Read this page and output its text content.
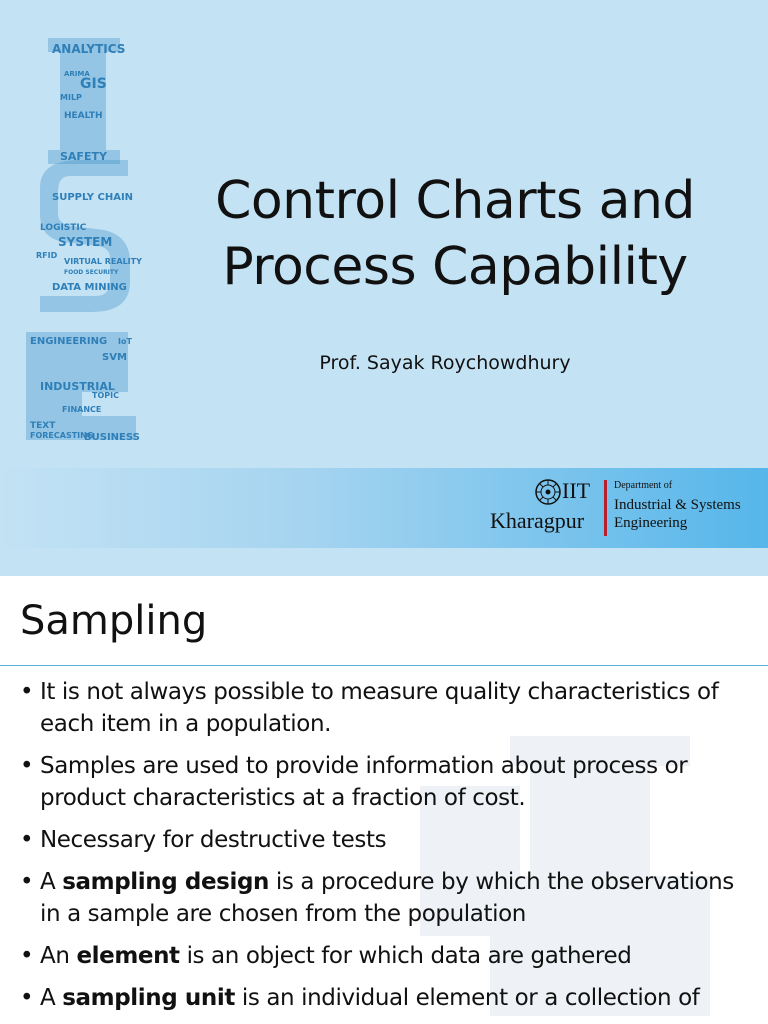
ANALYTICS
GIS
SAFETY
SUPPLY CHAIN
LOGISTIC
SYSTEM
VIRTUAL REALITY
DATA MINING
ENGINEERING
INDUSTRIAL
FORECASTING
BUSINESS
SVM
IoT
TOPIC
FINANCE
TEXT
HEALTH
MILP
RFID
FOOD SECURITY
ARIMA
Control Charts and
Process Capability
Prof. Sayak Roychowdhury
IIT
Kharagpur
Department of
Industrial & Systems
Engineering
Sampling
• It is not always possible to measure quality characteristics of each item in a population.
• Samples are used to provide information about process or product characteristics at a fraction of cost.
• Necessary for destructive tests
• A sampling design is a procedure by which the observations in a sample are chosen from the population
• An element is an object for which data are gathered
• A sampling unit is an individual element or a collection of
